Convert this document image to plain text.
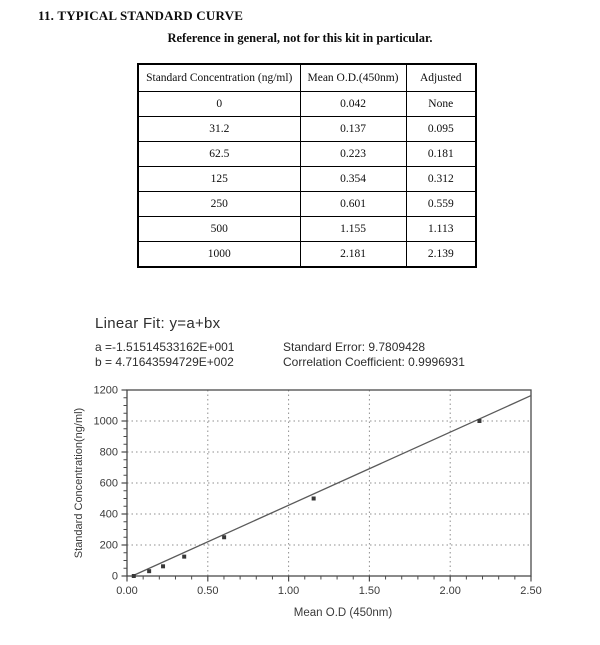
11. TYPICAL STANDARD CURVE
Reference in general, not for this kit in particular.
Standard Concentration (ng/ml)	Mean O.D.(450nm)	Adjusted
0	0.042	None
31.2	0.137	0.095
62.5	0.223	0.181
125	0.354	0.312
250	0.601	0.559
500	1.155	1.113
1000	2.181	2.139
Linear Fit: y=a+bx
a =-1.51514533162E+001
b = 4.71643594729E+002
Standard Error: 9.7809428
Correlation Coefficient: 0.9996931
0.00	0.50	1.00	1.50	2.00	2.50
0
200
400
600
800
1000
1200
Mean O.D (450nm)
Standard Concentration(ng/ml)
